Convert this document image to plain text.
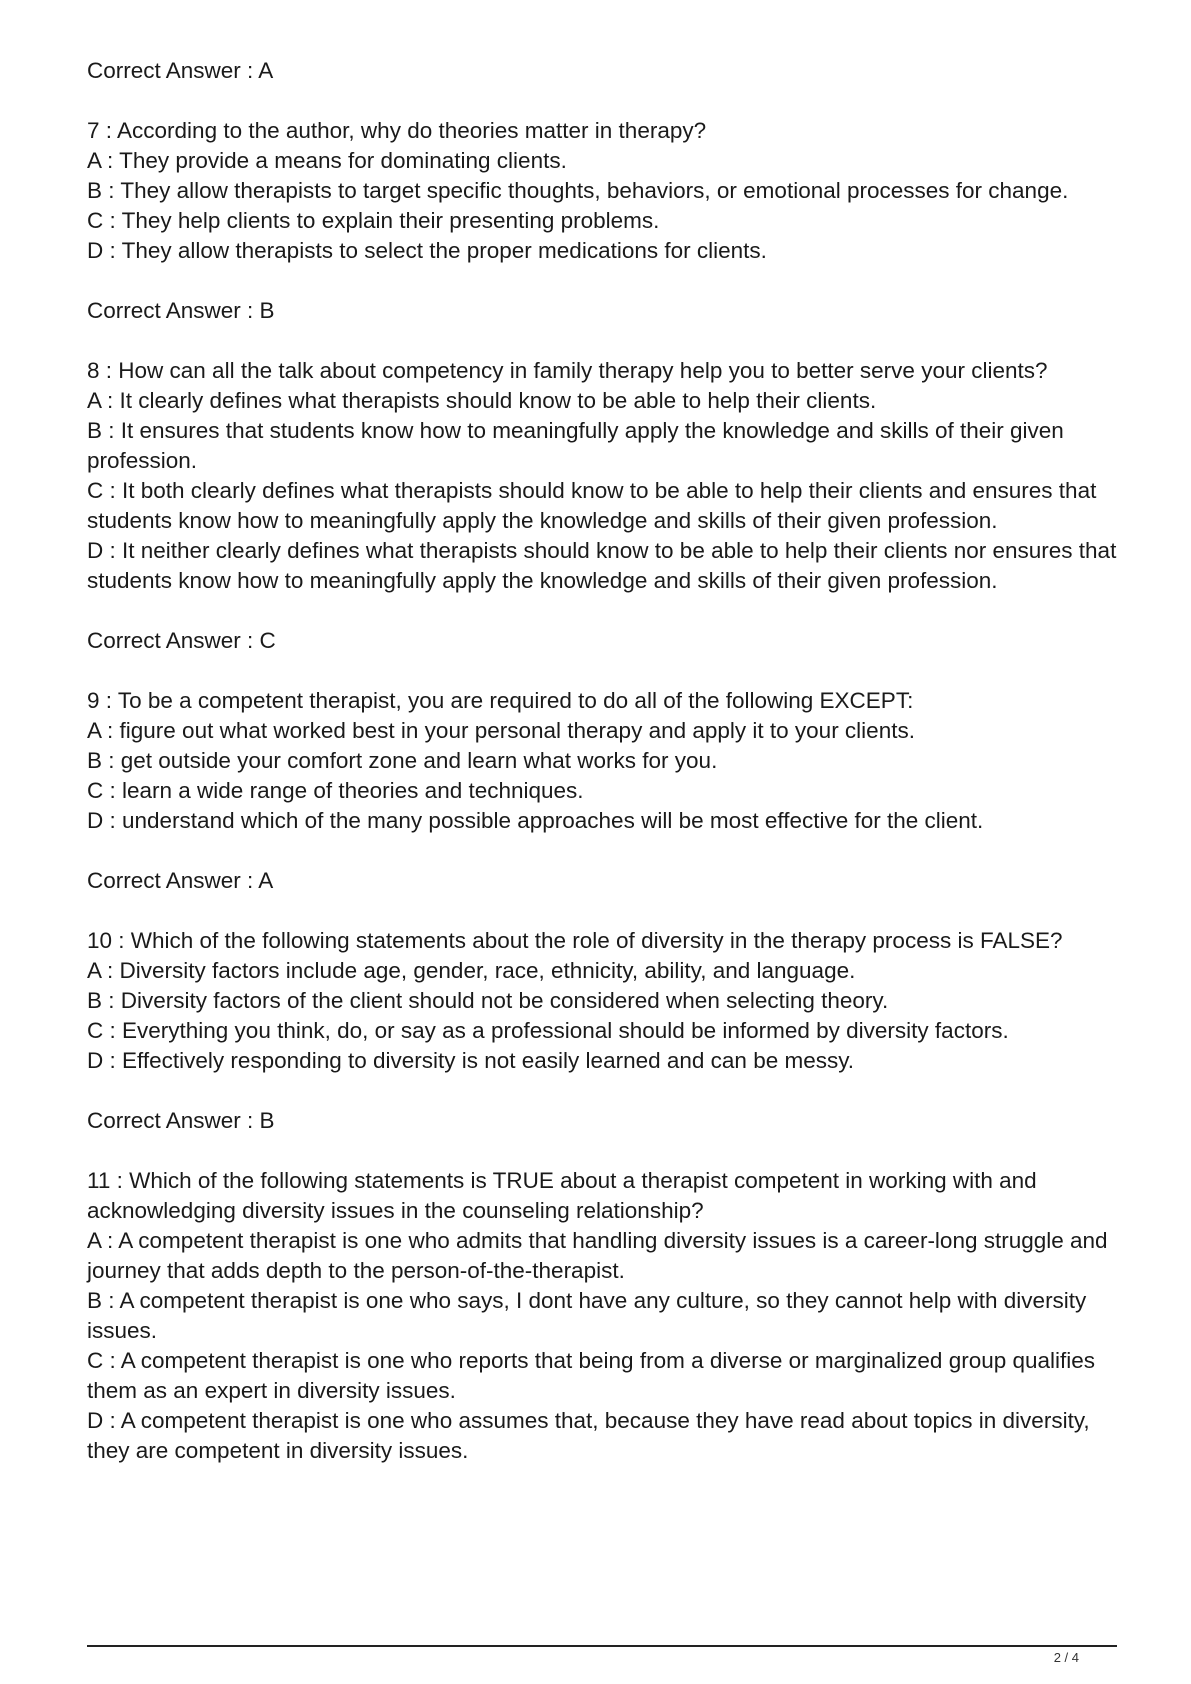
Correct Answer : A

7 : According to the author, why do theories matter in therapy?

A : They provide a means for dominating clients.

B : They allow therapists to target specific thoughts, behaviors, or emotional processes for change.

C : They help clients to explain their presenting problems.

D : They allow therapists to select the proper medications for clients.

Correct Answer : B

8 : How can all the talk about competency in family therapy help you to better serve your clients?

A : It clearly defines what therapists should know to be able to help their clients.

B : It ensures that students know how to meaningfully apply the knowledge and skills of their given profession.

C : It both clearly defines what therapists should know to be able to help their clients and ensures that students know how to meaningfully apply the knowledge and skills of their given profession.

D : It neither clearly defines what therapists should know to be able to help their clients nor ensures that students know how to meaningfully apply the knowledge and skills of their given profession.

Correct Answer : C

9 : To be a competent therapist, you are required to do all of the following EXCEPT:

A : figure out what worked best in your personal therapy and apply it to your clients.

B : get outside your comfort zone and learn what works for you.

C : learn a wide range of theories and techniques.

D : understand which of the many possible approaches will be most effective for the client.

Correct Answer : A

10 : Which of the following statements about the role of diversity in the therapy process is FALSE?

A : Diversity factors include age, gender, race, ethnicity, ability, and language.

B : Diversity factors of the client should not be considered when selecting theory.

C : Everything you think, do, or say as a professional should be informed by diversity factors.

D : Effectively responding to diversity is not easily learned and can be messy.

Correct Answer : B

11 : Which of the following statements is TRUE about a therapist competent in working with and acknowledging diversity issues in the counseling relationship?

A : A competent therapist is one who admits that handling diversity issues is a career-long struggle and journey that adds depth to the person-of-the-therapist.

B : A competent therapist is one who says, I dont have any culture, so they cannot help with diversity issues.

C : A competent therapist is one who reports that being from a diverse or marginalized group qualifies them as an expert in diversity issues.

D : A competent therapist is one who assumes that, because they have read about topics in diversity, they are competent in diversity issues.

2 / 4
